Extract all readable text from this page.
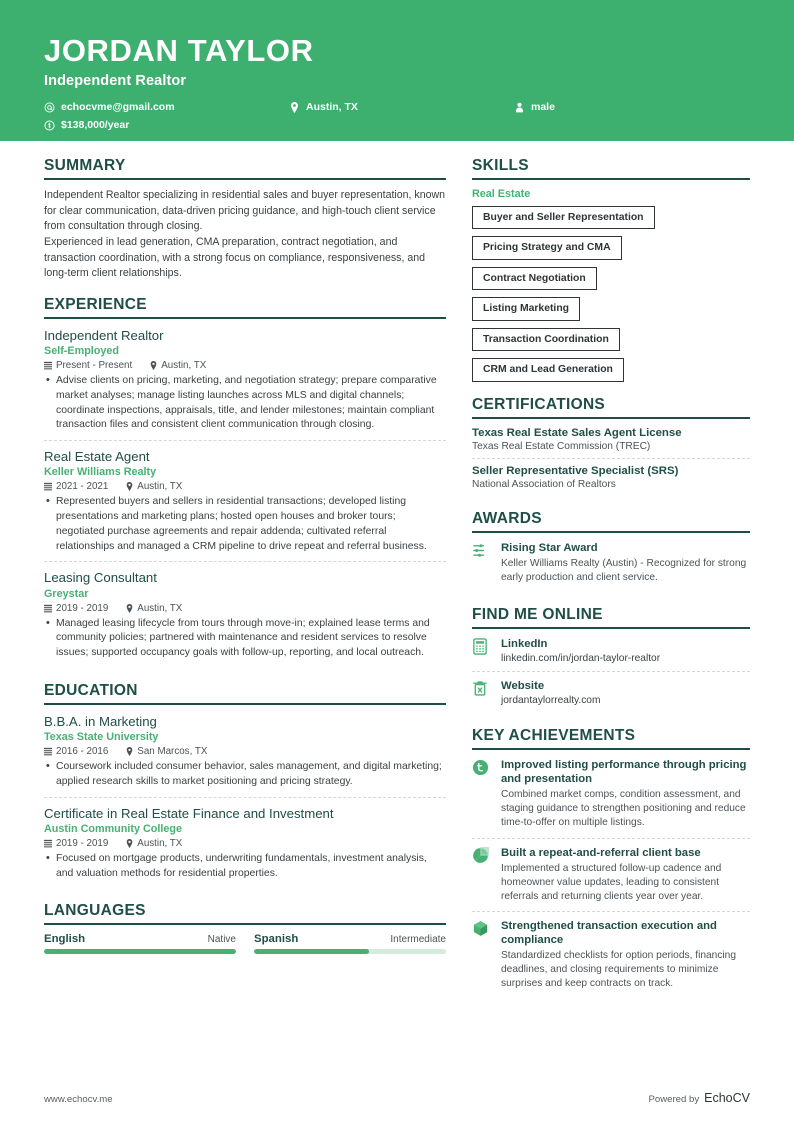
JORDAN TAYLOR
Independent Realtor
echocvme@gmail.com	Austin, TX	male
$138,000/year
SUMMARY

Independent Realtor specializing in residential sales and buyer representation, known for clear communication, data-driven pricing guidance, and high-touch client service from consultation through closing.

Experienced in lead generation, CMA preparation, contract negotiation, and transaction coordination, with a strong focus on compliance, responsiveness, and long-term client relationships.

EXPERIENCE
Independent Realtor
Self-Employed
Present - Present	Austin, TX
• Advise clients on pricing, marketing, and negotiation strategy; prepare comparative market analyses; manage listing launches across MLS and digital channels; coordinate inspections, appraisals, title, and lender milestones; maintain compliant transaction files and consistent client communication through closing.
Real Estate Agent
Keller Williams Realty
2021 - 2021	Austin, TX
• Represented buyers and sellers in residential transactions; developed listing presentations and marketing plans; hosted open houses and broker tours; negotiated purchase agreements and repair addenda; cultivated referral relationships and managed a CRM pipeline to drive repeat and referral business.
Leasing Consultant
Greystar
2019 - 2019	Austin, TX
• Managed leasing lifecycle from tours through move-in; explained lease terms and community policies; partnered with maintenance and resident services to resolve issues; supported occupancy goals with follow-up, reporting, and local outreach.
EDUCATION
B.B.A. in Marketing
Texas State University
2016 - 2016	San Marcos, TX
• Coursework included consumer behavior, sales management, and digital marketing; applied research skills to market positioning and pricing strategy.
Certificate in Real Estate Finance and Investment
Austin Community College
2019 - 2019	Austin, TX
• Focused on mortgage products, underwriting fundamentals, investment analysis, and valuation methods for residential properties.
LANGUAGES
English	Native Spanish	Intermediate
SKILLS
Real Estate
Buyer and Seller Representation
Pricing Strategy and CMA
Contract Negotiation
Listing Marketing
Transaction Coordination
CRM and Lead Generation
CERTIFICATIONS
Texas Real Estate Sales Agent License
Texas Real Estate Commission (TREC)
Seller Representative Specialist (SRS)
National Association of Realtors
AWARDS
Rising Star Award
Keller Williams Realty (Austin) - Recognized for strong early production and client service.
FIND ME ONLINE
LinkedIn
linkedin.com/in/jordan-taylor-realtor
Website
jordantaylorrealty.com
KEY ACHIEVEMENTS
Improved listing performance through pricing and presentation
Combined market comps, condition assessment, and staging guidance to strengthen positioning and reduce time-to-offer on multiple listings.
Built a repeat-and-referral client base
Implemented a structured follow-up cadence and homeowner value updates, leading to consistent referrals and returning clients year over year.
Strengthened transaction execution and compliance
Standardized checklists for option periods, financing deadlines, and closing requirements to minimize surprises and keep contracts on track.
www.echocv.me	Powered by EchoCV
